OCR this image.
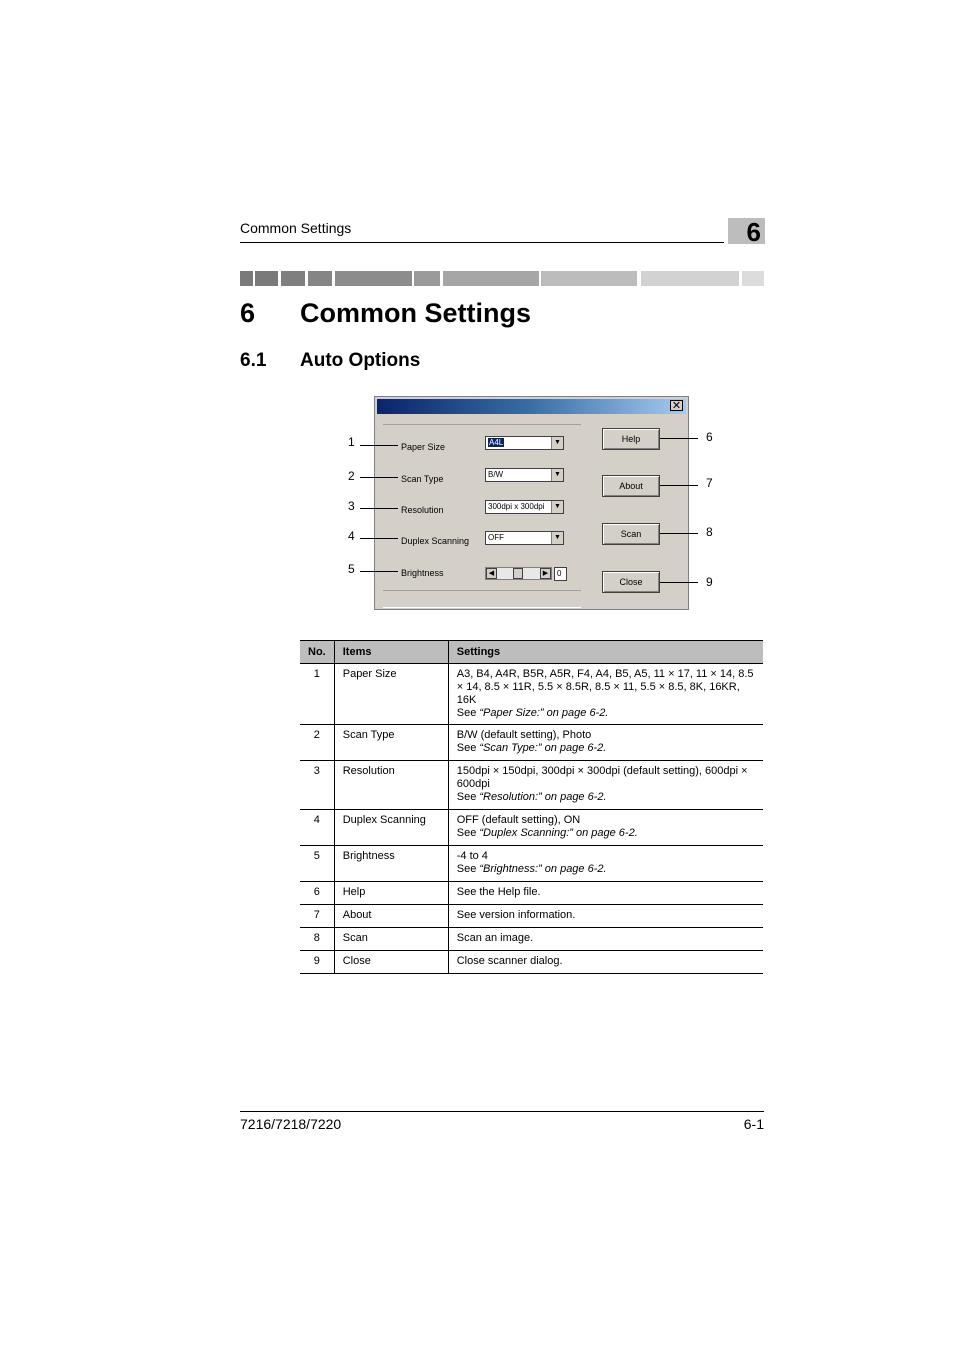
Common Settings	6
6 Common Settings
6.1 Auto Options
✕
Paper Size	A4L	▼
Scan Type	B/W	▼
Resolution	300dpi x 300dpi	▼
Duplex Scanning	OFF	▼
Brightness	◀	▶	0
Help
About
Scan
Close
1
2
3
4
5
6
7
8
9
No.	Items	Settings
1	Paper Size	A3, B4, A4R, B5R, A5R, F4, A4, B5, A5, 11 × 17, 11 × 14, 8.5 × 14, 8.5 × 11R, 5.5 × 8.5R, 8.5 × 11, 5.5 × 8.5, 8K, 16KR, 16K
See “Paper Size:” on page 6-2.
2	Scan Type	B/W (default setting), Photo
See “Scan Type:” on page 6-2.
3	Resolution	150dpi × 150dpi, 300dpi × 300dpi (default setting), 600dpi × 600dpi
See “Resolution:” on page 6-2.
4	Duplex Scanning	OFF (default setting), ON
See “Duplex Scanning:” on page 6-2.
5	Brightness	-4 to 4
See “Brightness:” on page 6-2.
6	Help	See the Help file.
7	About	See version information.
8	Scan	Scan an image.
9	Close	Close scanner dialog.
7216/7218/7220	6-1
